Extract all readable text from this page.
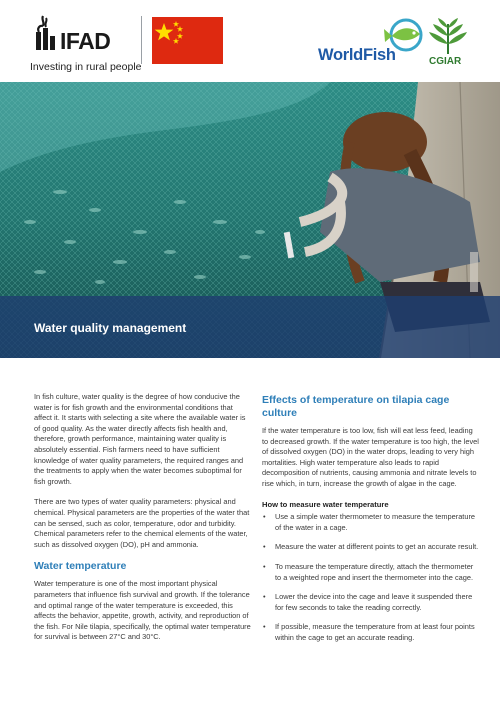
IFAD
Investing in rural people
WorldFish	CGIAR
Water quality management

In fish culture, water quality is the degree of how conducive the water is for fish growth and the environmental conditions that affect it. It starts with selecting a site where the available water is of good quality. As the water directly affects fish health and, therefore, growth performance, maintaining water quality is absolutely essential. Fish farmers need to have sufficient knowledge of water quality parameters, the required ranges and the treatments to apply when the water becomes suboptimal for fish growth.

There are two types of water quality parameters: physical and chemical. Physical parameters are the properties of the water that can be sensed, such as color, temperature, odor and turbidity. Chemical parameters refer to the chemical elements of the water, such as dissolved oxygen (DO), pH and ammonia.

Water temperature

Water temperature is one of the most important physical parameters that influence fish survival and growth. If the tolerance and optimal range of the water temperature is exceeded, this affects the behavior, appetite, growth, activity, and reproduction of the fish. For Nile tilapia, specifically, the optimal water temperature for survival is between 27°C and 30°C.

Effects of temperature on tilapia cage culture

If the water temperature is too low, fish will eat less feed, leading to decreased growth. If the water temperature is too high, the level of dissolved oxygen (DO) in the water drops, leading to very high mortalities. High water temperature also leads to rapid decomposition of nutrients, causing ammonia and nitrate levels to rise which, in turn, increase the growth of algae in the cage.

How to measure water temperature
• Use a simple water thermometer to measure the temperature of the water in a cage.
• Measure the water at different points to get an accurate result.
• To measure the temperature directly, attach the thermometer to a weighted rope and insert the thermometer into the cage.
• Lower the device into the cage and leave it suspended there for few seconds to take the reading correctly.
• If possible, measure the temperature from at least four points within the cage to get an accurate reading.
